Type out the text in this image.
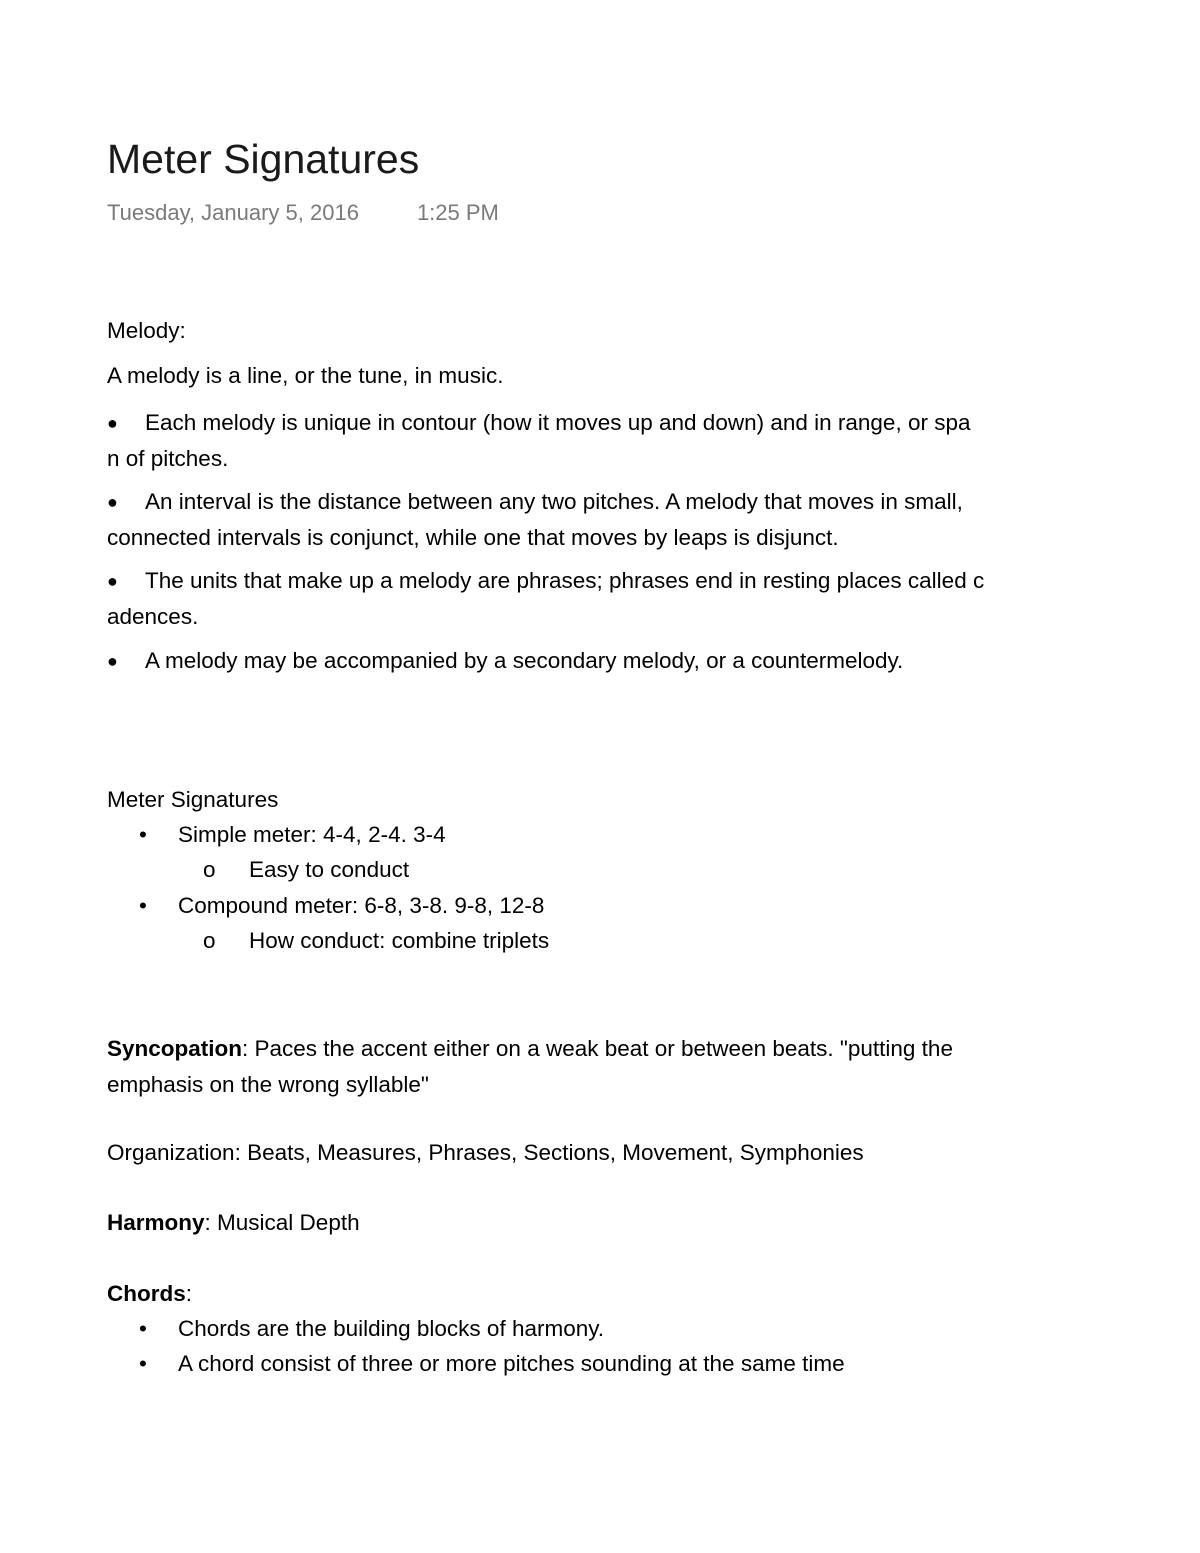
Meter Signatures
Tuesday, January 5, 2016	1:25 PM
Melody:
A melody is a line, or the tune, in music.
● Each melody is unique in contour (how it moves up and down) and in range, or spa
n of pitches.
● An interval is the distance between any two pitches. A melody that moves in small,
connected intervals is conjunct, while one that moves by leaps is disjunct.
● The units that make up a melody are phrases; phrases end in resting places called c
adences.
● A melody may be accompanied by a secondary melody, or a countermelody.
Meter Signatures
• Simple meter: 4-4, 2-4. 3-4
o Easy to conduct
• Compound meter: 6-8, 3-8. 9-8, 12-8
o How conduct: combine triplets
Syncopation: Paces the accent either on a weak beat or between beats. "putting the
emphasis on the wrong syllable"
Organization: Beats, Measures, Phrases, Sections, Movement, Symphonies
Harmony: Musical Depth
Chords:
• Chords are the building blocks of harmony.
• A chord consist of three or more pitches sounding at the same time
